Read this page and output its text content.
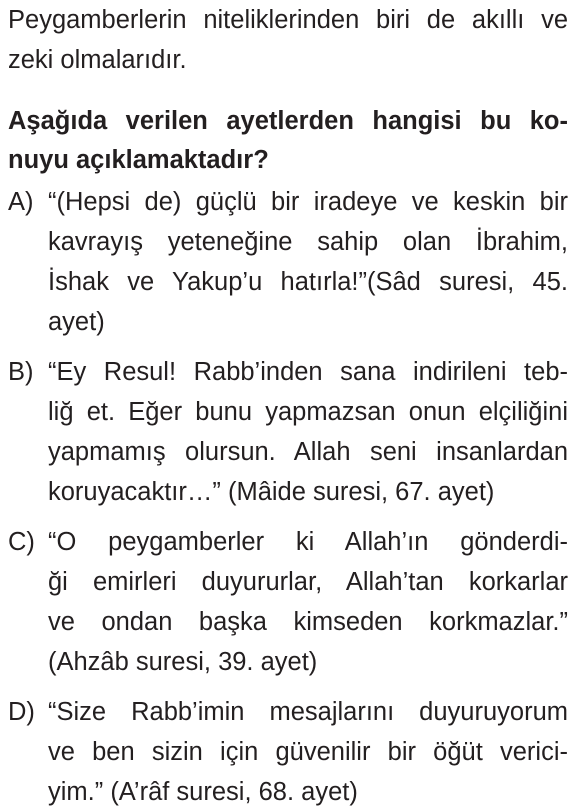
Peygamberlerin niteliklerinden biri de akıllı ve
zeki olmalarıdır.
Aşağıda verilen ayetlerden hangisi bu ko-
nuyu açıklamaktadır?
A) “(Hepsi de) güçlü bir iradeye ve keskin bir
kavrayış yeteneğine sahip olan İbrahim,
İshak ve Yakup’u hatırla!”(Sâd suresi, 45.
ayet)
B) “Ey Resul! Rabb’inden sana indirileni teb-
liğ et. Eğer bunu yapmazsan onun elçiliğini
yapmamış olursun. Allah seni insanlardan
koruyacaktır…” (Mâide suresi, 67. ayet)
C) “O peygamberler ki Allah’ın gönderdi-
ği emirleri duyururlar, Allah’tan korkarlar
ve ondan başka kimseden korkmazlar.”
(Ahzâb suresi, 39. ayet)
D) “Size Rabb’imin mesajlarını duyuruyorum
ve ben sizin için güvenilir bir öğüt verici-
yim.” (A’râf suresi, 68. ayet)
